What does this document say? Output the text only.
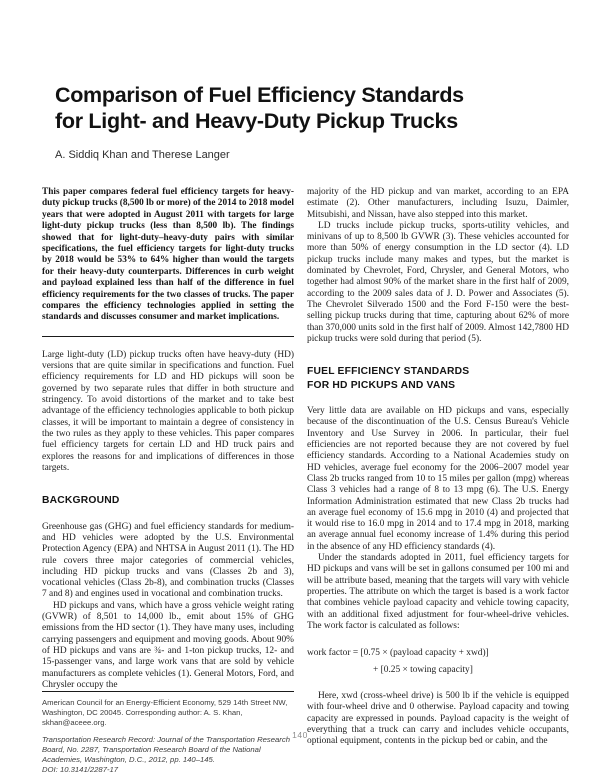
Comparison of Fuel Efficiency Standards
for Light- and Heavy-Duty Pickup Trucks
A. Siddiq Khan and Therese Langer

This paper compares federal fuel efficiency targets for heavy-duty pickup trucks (8,500 lb or more) of the 2014 to 2018 model years that were adopted in August 2011 with targets for large light-duty pickup trucks (less than 8,500 lb). The findings showed that for light-duty–heavy-duty pairs with similar specifications, the fuel efficiency targets for light-duty trucks by 2018 would be 53% to 64% higher than would the targets for their heavy-duty counterparts. Differences in curb weight and payload explained less than half of the difference in fuel efficiency requirements for the two classes of trucks. The paper compares the efficiency technologies applied in setting the standards and discusses consumer and market implications.

Large light-duty (LD) pickup trucks often have heavy-duty (HD) versions that are quite similar in specifications and function. Fuel efficiency requirements for LD and HD pickups will soon be governed by two separate rules that differ in both structure and stringency. To avoid distortions of the market and to take best advantage of the efficiency technologies applicable to both pickup classes, it will be important to maintain a degree of consistency in the two rules as they apply to these vehicles. This paper compares fuel efficiency targets for certain LD and HD truck pairs and explores the reasons for and implications of differences in those targets.

BACKGROUND

Greenhouse gas (GHG) and fuel efficiency standards for medium- and HD vehicles were adopted by the U.S. Environmental Protection Agency (EPA) and NHTSA in August 2011 (1). The HD rule covers three major categories of commercial vehicles, including HD pickup trucks and vans (Classes 2b and 3), vocational vehicles (Class 2b-8), and combination trucks (Classes 7 and 8) and engines used in vocational and combination trucks.

HD pickups and vans, which have a gross vehicle weight rating (GVWR) of 8,501 to 14,000 lb., emit about 15% of GHG emissions from the HD sector (1). They have many uses, including carrying passengers and equipment and moving goods. About 90% of HD pickups and vans are ¾- and 1-ton pickup trucks, 12- and 15-passenger vans, and large work vans that are sold by vehicle manufacturers as complete vehicles (1). General Motors, Ford, and Chrysler occupy the

American Council for an Energy-Efficient Economy, 529 14th Street NW, Washington, DC 20045. Corresponding author: A. S. Khan, skhan@aceee.org.

Transportation Research Record: Journal of the Transportation Research Board, No. 2287, Transportation Research Board of the National Academies, Washington, D.C., 2012, pp. 140–145.

DOI: 10.3141/2287-17

majority of the HD pickup and van market, according to an EPA estimate (2). Other manufacturers, including Isuzu, Daimler, Mitsubishi, and Nissan, have also stepped into this market.

LD trucks include pickup trucks, sports-utility vehicles, and minivans of up to 8,500 lb GVWR (3). These vehicles accounted for more than 50% of energy consumption in the LD sector (4). LD pickup trucks include many makes and types, but the market is dominated by Chevrolet, Ford, Chrysler, and General Motors, who together had almost 90% of the market share in the first half of 2009, according to the 2009 sales data of J. D. Power and Associates (5). The Chevrolet Silverado 1500 and the Ford F-150 were the best-selling pickup trucks during that time, capturing about 62% of more than 370,000 units sold in the first half of 2009. Almost 142,7800 HD pickup trucks were sold during that period (5).

FUEL EFFICIENCY STANDARDS
FOR HD PICKUPS AND VANS

Very little data are available on HD pickups and vans, especially because of the discontinuation of the U.S. Census Bureau's Vehicle Inventory and Use Survey in 2006. In particular, their fuel efficiencies are not reported because they are not covered by fuel efficiency standards. According to a National Academies study on HD vehicles, average fuel economy for the 2006–2007 model year Class 2b trucks ranged from 10 to 15 miles per gallon (mpg) whereas Class 3 vehicles had a range of 8 to 13 mpg (6). The U.S. Energy Information Administration estimated that new Class 2b trucks had an average fuel economy of 15.6 mpg in 2010 (4) and projected that it would rise to 16.0 mpg in 2014 and to 17.4 mpg in 2018, marking an average annual fuel economy increase of 1.4% during this period in the absence of any HD efficiency standards (4).

Under the standards adopted in 2011, fuel efficiency targets for HD pickups and vans will be set in gallons consumed per 100 mi and will be attribute based, meaning that the targets will vary with vehicle properties. The attribute on which the target is based is a work factor that combines vehicle payload capacity and vehicle towing capacity, with an additional fixed adjustment for four-wheel-drive vehicles. The work factor is calculated as follows:

work factor = [0.75 × (payload capacity + xwd)]
+ [0.25 × towing capacity]

Here, xwd (cross-wheel drive) is 500 lb if the vehicle is equipped with four-wheel drive and 0 otherwise. Payload capacity and towing capacity are expressed in pounds. Payload capacity is the weight of everything that a truck can carry and includes vehicle occupants, optional equipment, contents in the pickup bed or cabin, and the

140
